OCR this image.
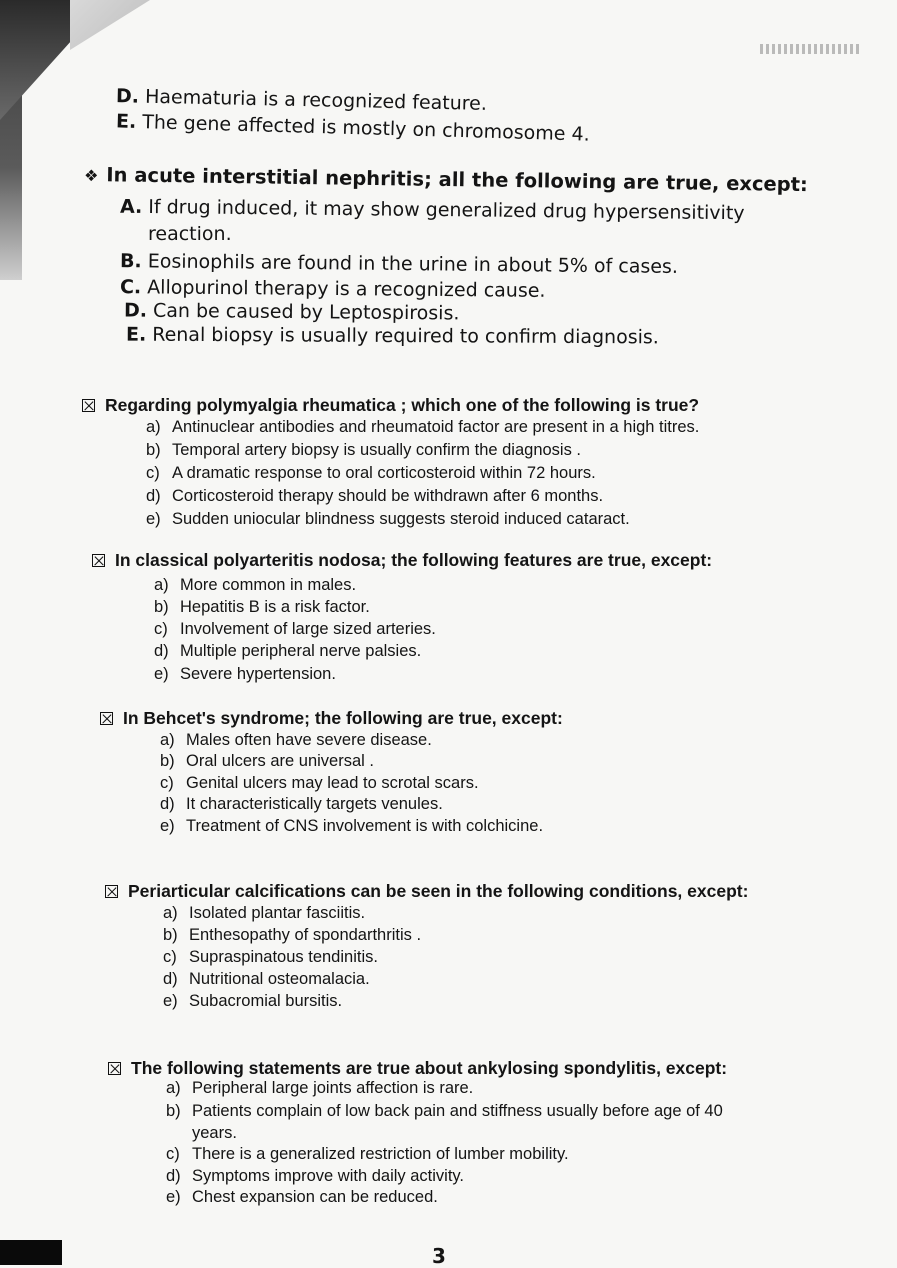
D. Haematuria is a recognized feature.
E. The gene affected is mostly on chromosome 4.
❖ In acute interstitial nephritis; all the following are true, except:
A. If drug induced, it may show generalized drug hypersensitivity
reaction.
B. Eosinophils are found in the urine in about 5% of cases.
C. Allopurinol therapy is a recognized cause.
D. Can be caused by Leptospirosis.
E. Renal biopsy is usually required to confirm diagnosis.
Regarding polymyalgia rheumatica ; which one of the following is true?
a) Antinuclear antibodies and rheumatoid factor are present in a high titres.
b) Temporal artery biopsy is usually confirm the diagnosis .
c) A dramatic response to oral corticosteroid within 72 hours.
d) Corticosteroid therapy should be withdrawn after 6 months.
e) Sudden uniocular blindness suggests steroid induced cataract.
In classical polyarteritis nodosa; the following features are true, except:
a) More common in males.
b) Hepatitis B is a risk factor.
c) Involvement of large sized arteries.
d) Multiple peripheral nerve palsies.
e) Severe hypertension.
In Behcet's syndrome; the following are true, except:
a) Males often have severe disease.
b) Oral ulcers are universal .
c) Genital ulcers may lead to scrotal scars.
d) It characteristically targets venules.
e) Treatment of CNS involvement is with colchicine.
Periarticular calcifications can be seen in the following conditions, except:
a) Isolated plantar fasciitis.
b) Enthesopathy of spondarthritis .
c) Supraspinatous tendinitis.
d) Nutritional osteomalacia.
e) Subacromial bursitis.
The following statements are true about ankylosing spondylitis, except:
a) Peripheral large joints affection is rare.
b) Patients complain of low back pain and stiffness usually before age of 40
years.
c) There is a generalized restriction of lumber mobility.
d) Symptoms improve with daily activity.
e) Chest expansion can be reduced.
3
